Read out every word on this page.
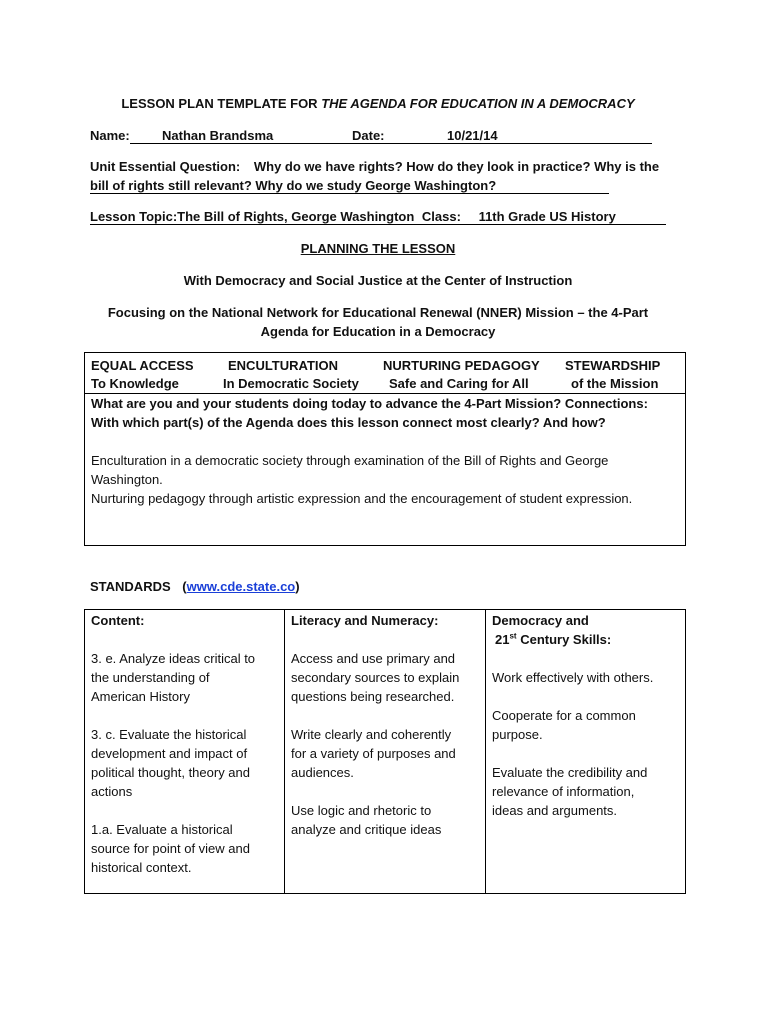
LESSON PLAN TEMPLATE FOR THE AGENDA FOR EDUCATION IN A DEMOCRACY
Name: Nathan Brandsma	Date:	10/21/14
Unit Essential Question: Why do we have rights? How do they look in practice? Why is the
bill of rights still relevant? Why do we study George Washington?
Lesson Topic:The Bill of Rights, George Washington Class: 11th Grade US History
PLANNING THE LESSON
With Democracy and Social Justice at the Center of Instruction
Focusing on the National Network for Educational Renewal (NNER) Mission – the 4-Part
Agenda for Education in a Democracy
EQUAL ACCESS
To Knowledge
ENCULTURATION
In Democratic Society
NURTURING PEDAGOGY
Safe and Caring for All
STEWARDSHIP
of the Mission
What are you and your students doing today to advance the 4-Part Mission? Connections:
With which part(s) of the Agenda does this lesson connect most clearly? And how?
Enculturation in a democratic society through examination of the Bill of Rights and George
Washington.
Nurturing pedagogy through artistic expression and the encouragement of student expression.
STANDARDS (www.cde.state.co)
Content:
3. e. Analyze ideas critical to
the understanding of
American History
3. c. Evaluate the historical
development and impact of
political thought, theory and
actions
1.a. Evaluate a historical
source for point of view and
historical context.
Literacy and Numeracy:
Access and use primary and
secondary sources to explain
questions being researched.
Write clearly and coherently
for a variety of purposes and
audiences.
Use logic and rhetoric to
analyze and critique ideas
Democracy and
21st Century Skills:
Work effectively with others.
Cooperate for a common
purpose.
Evaluate the credibility and
relevance of information,
ideas and arguments.
